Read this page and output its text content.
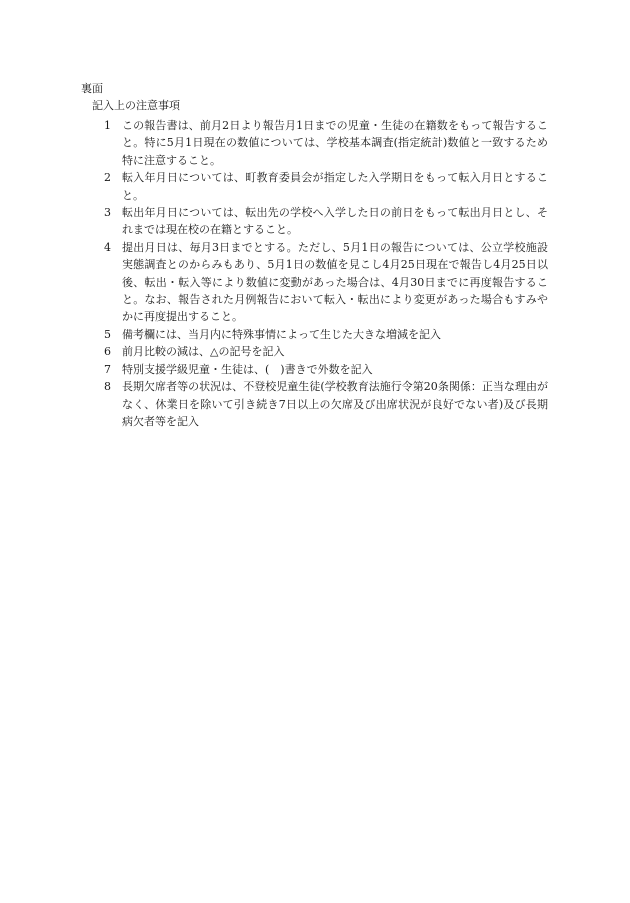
裏面
記入上の注意事項
1	この報告書は、前月2日より報告月1日までの児童・生徒の在籍数をもって報告すること。特に5月1日現在の数値については、学校基本調査(指定統計)数値と一致するため特に注意すること。
2	転入年月日については、町教育委員会が指定した入学期日をもって転入月日とすること。
3	転出年月日については、転出先の学校へ入学した日の前日をもって転出月日とし、それまでは現在校の在籍とすること。
4	提出月日は、毎月3日までとする。ただし、5月1日の報告については、公立学校施設実態調査とのからみもあり、5月1日の数値を見こし4月25日現在で報告し4月25日以後、転出・転入等により数値に変動があった場合は、4月30日までに再度報告すること。なお、報告された月例報告において転入・転出により変更があった場合もすみやかに再度提出すること。
5	備考欄には、当月内に特殊事情によって生じた大きな増減を記入
6	前月比較の減は、△の記号を記入
7	特別支援学級児童・生徒は、(　)書きで外数を記入
8	長期欠席者等の状況は、不登校児童生徒(学校教育法施行令第20条関係：正当な理由がなく、休業日を除いて引き続き7日以上の欠席及び出席状況が良好でない者)及び長期病欠者等を記入
